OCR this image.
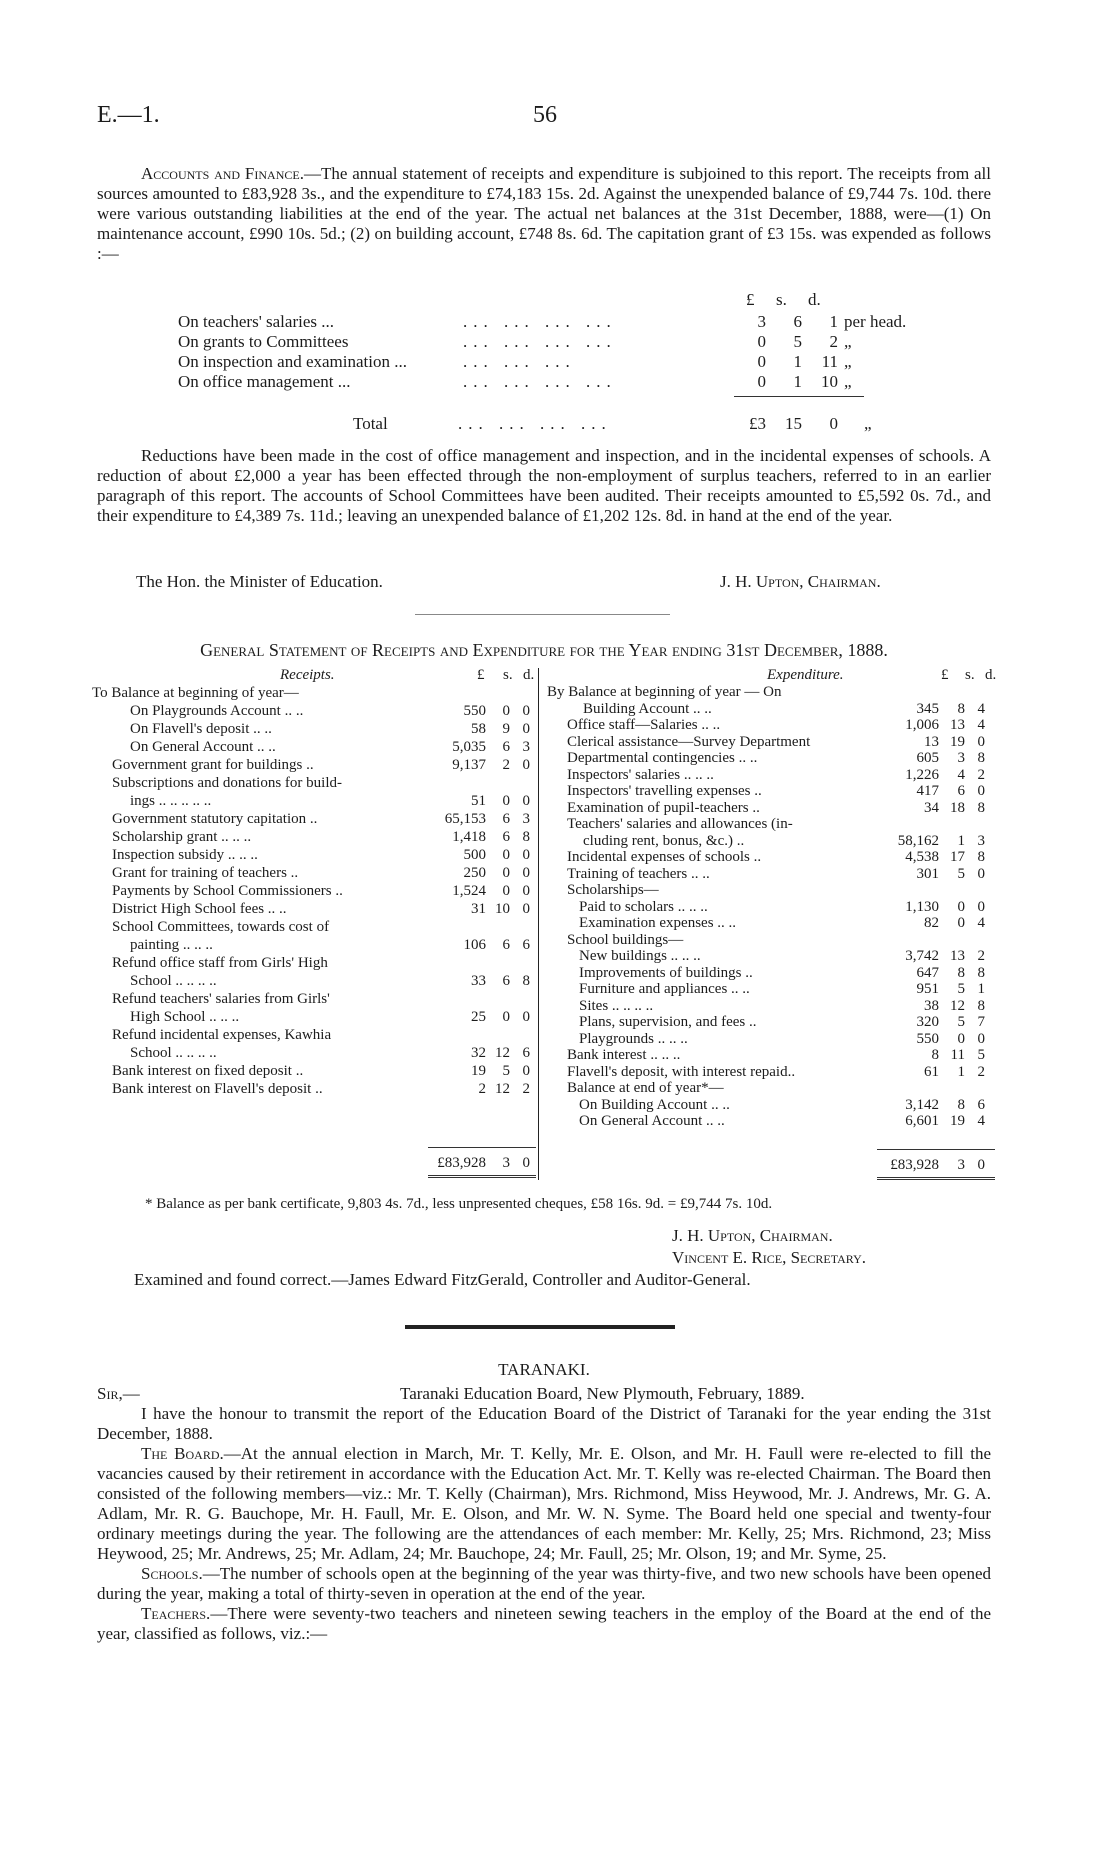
E.—1.	56

Accounts and Finance.—The annual statement of receipts and expenditure is subjoined to this report. The receipts from all sources amounted to £83,928 3s., and the expenditure to £74,183 15s. 2d. Against the unexpended balance of £9,744 7s. 10d. there were various outstanding liabilities at the end of the year. The actual net balances at the 31st December, 1888, were—(1) On maintenance account, £990 10s. 5d.; (2) on building account, £748 8s. 6d. The capitation grant of £3 15s. was expended as follows :—

£ s. d.
On teachers' salaries ...	... ... ... ...	3	6	1 per head.
On grants to Committees	... ... ... ...	0	5	2 „
On inspection and examination ...	... ... ...	0	1	11 „
On office management ...	... ... ... ...	0	1	10 „
Total	... ... ... ...	£3	15	0 „

Reductions have been made in the cost of office management and inspection, and in the incidental expenses of schools. A reduction of about £2,000 a year has been effected through the non-employment of surplus teachers, referred to in an earlier paragraph of this report. The accounts of School Committees have been audited. Their receipts amounted to £5,592 0s. 7d., and their expenditure to £4,389 7s. 11d.; leaving an unexpended balance of £1,202 12s. 8d. in hand at the end of the year.

The Hon. the Minister of Education.	J. H. Upton, Chairman.
General Statement of Receipts and Expenditure for the Year ending 31st December, 1888.
Receipts.	£ s. d.
To Balance at beginning of year—
On Playgrounds Account .. ..	550	0 0
On Flavell's deposit .. ..	58	9 0
On General Account .. ..	5,035	6 3
Government grant for buildings ..	9,137	2 0
Subscriptions and donations for build-
ings .. .. .. .. ..	51	0 0
Government statutory capitation ..	65,153	6 3
Scholarship grant .. .. ..	1,418	6 8
Inspection subsidy .. .. ..	500	0 0
Grant for training of teachers ..	250	0 0
Payments by School Commissioners ..	1,524	0 0
District High School fees .. ..	31 10 0
School Committees, towards cost of
painting .. .. ..	106	6 6
Refund office staff from Girls' High
School .. .. .. ..	33	6 8
Refund teachers' salaries from Girls'
High School .. .. ..	25	0 0
Refund incidental expenses, Kawhia
School .. .. .. ..	32 12 6
Bank interest on fixed deposit ..	19	5 0
Bank interest on Flavell's deposit ..	2 12 2
Expenditure.	£ s. d.
By Balance at beginning of year — On
Building Account .. ..	345	8 4
Office staff—Salaries .. ..	1,006 13 4
Clerical assistance—Survey Department	13 19 0
Departmental contingencies .. ..	605	3 8
Inspectors' salaries .. .. ..	1,226	4 2
Inspectors' travelling expenses ..	417	6 0
Examination of pupil-teachers ..	34 18 8
Teachers' salaries and allowances (in-
cluding rent, bonus, &c.) ..	58,162	1 3
Incidental expenses of schools ..	4,538 17 8
Training of teachers .. ..	301	5 0
Scholarships—
Paid to scholars .. .. ..	1,130	0 0
Examination expenses .. ..	82	0 4
School buildings—
New buildings .. .. ..	3,742 13 2
Improvements of buildings ..	647	8 8
Furniture and appliances .. ..	951	5 1
Sites .. .. .. ..	38 12 8
Plans, supervision, and fees ..	320	5 7
Playgrounds .. .. ..	550	0 0
Bank interest .. .. ..	8 11 5
Flavell's deposit, with interest repaid..	61	1 2
Balance at end of year*—
On Building Account .. ..	3,142	8 6
On General Account .. ..	6,601 19 4
£83,928	3 0	£83,928	3 0
* Balance as per bank certificate, 9,803 4s. 7d., less unpresented cheques, £58 16s. 9d. = £9,744 7s. 10d.
J. H. Upton, Chairman.
Vincent E. Rice, Secretary.
Examined and found correct.—James Edward FitzGerald, Controller and Auditor-General.
TARANAKI.
Sir,—	Taranaki Education Board, New Plymouth, February, 1889.

I have the honour to transmit the report of the Education Board of the District of Taranaki for the year ending the 31st December, 1888.

The Board.—At the annual election in March, Mr. T. Kelly, Mr. E. Olson, and Mr. H. Faull were re-elected to fill the vacancies caused by their retirement in accordance with the Education Act. Mr. T. Kelly was re-elected Chairman. The Board then consisted of the following members—viz.: Mr. T. Kelly (Chairman), Mrs. Richmond, Miss Heywood, Mr. J. Andrews, Mr. G. A. Adlam, Mr. R. G. Bauchope, Mr. H. Faull, Mr. E. Olson, and Mr. W. N. Syme. The Board held one special and twenty-four ordinary meetings during the year. The following are the attendances of each member: Mr. Kelly, 25; Mrs. Richmond, 23; Miss Heywood, 25; Mr. Andrews, 25; Mr. Adlam, 24; Mr. Bauchope, 24; Mr. Faull, 25; Mr. Olson, 19; and Mr. Syme, 25.

Schools.—The number of schools open at the beginning of the year was thirty-five, and two new schools have been opened during the year, making a total of thirty-seven in operation at the end of the year.

Teachers.—There were seventy-two teachers and nineteen sewing teachers in the employ of the Board at the end of the year, classified as follows, viz.:—
